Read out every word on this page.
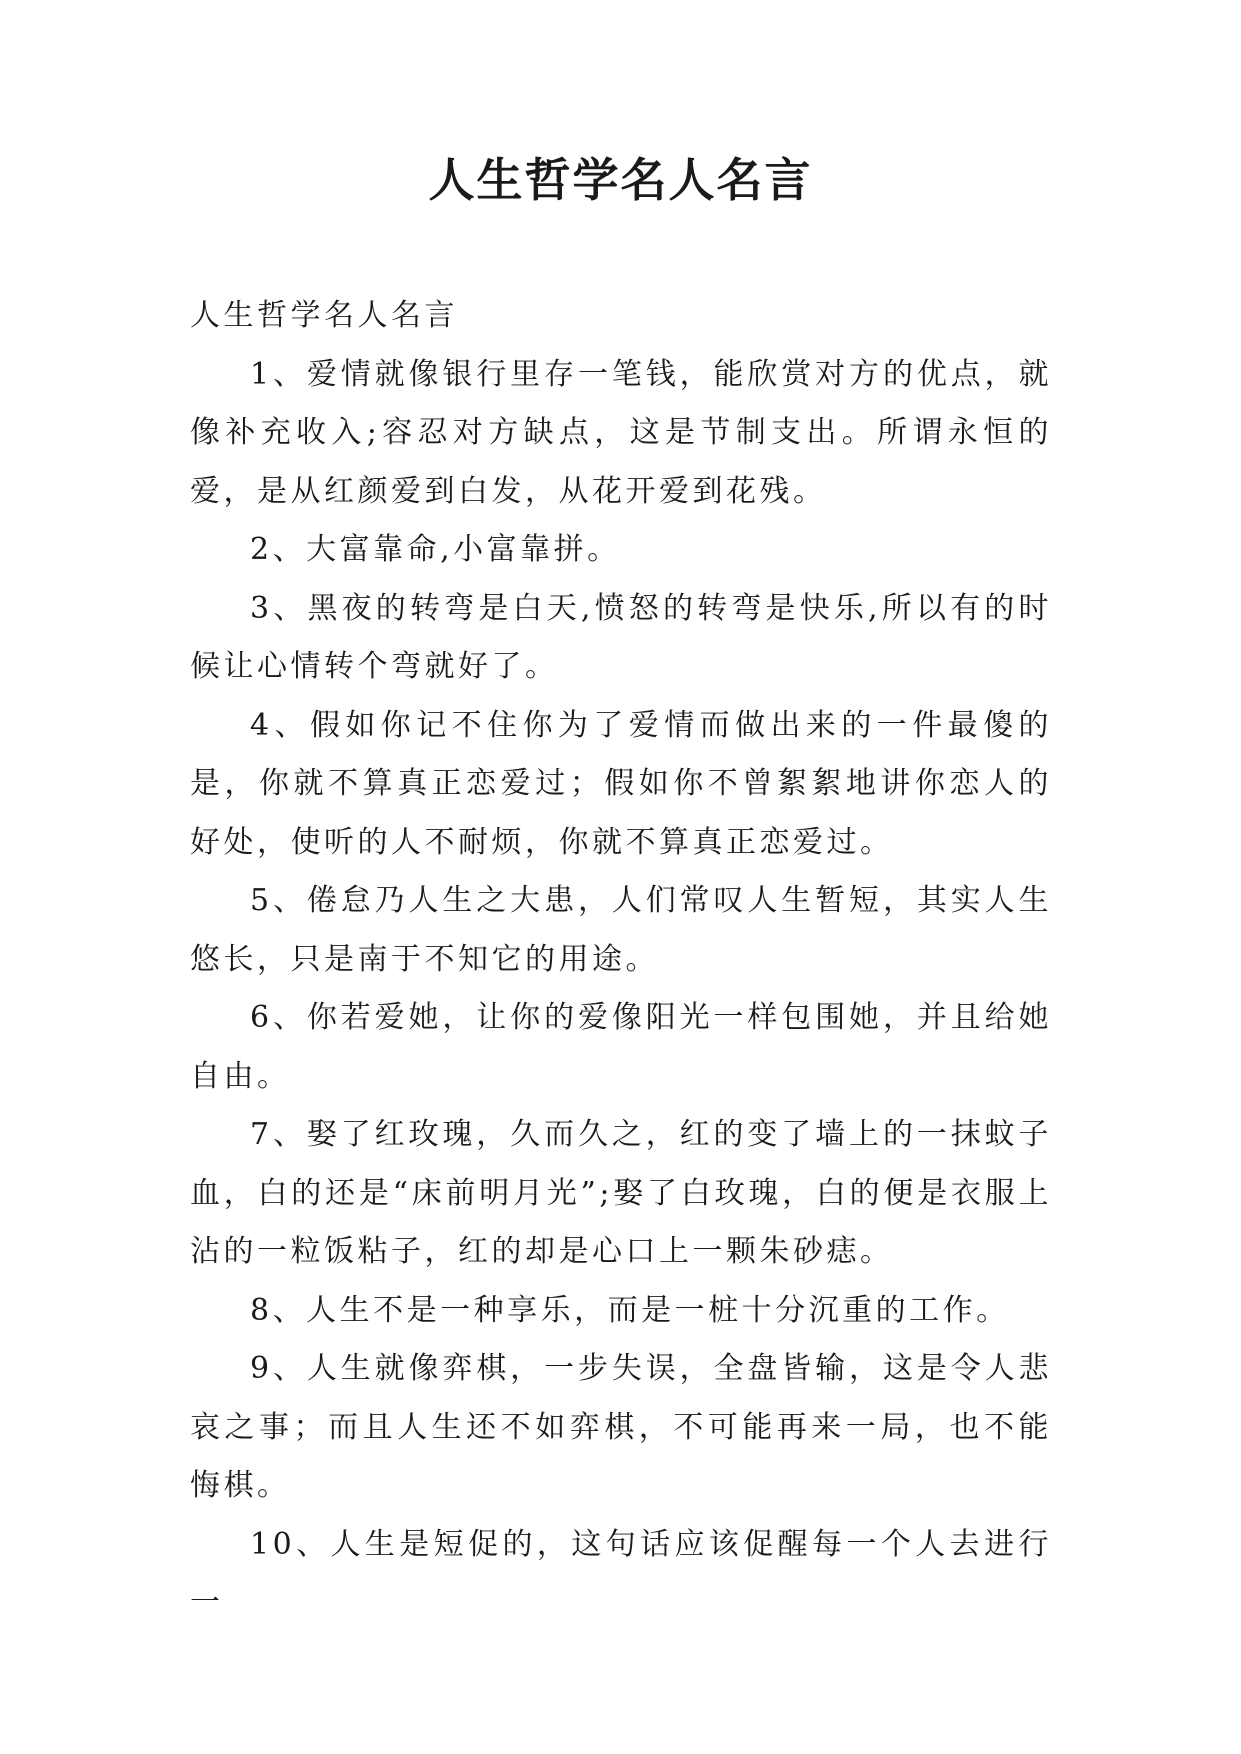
人生哲学名人名言

人生哲学名人名言

1、爱情就像银行里存一笔钱，能欣赏对方的优点，就像补充收入;容忍对方缺点，这是节制支出。所谓永恒的爱，是从红颜爱到白发，从花开爱到花残。

2、大富靠命,小富靠拼。

3、黑夜的转弯是白天,愤怒的转弯是快乐,所以有的时候让心情转个弯就好了。

4、假如你记不住你为了爱情而做出来的一件最傻的是，你就不算真正恋爱过；假如你不曾絮絮地讲你恋人的好处，使听的人不耐烦，你就不算真正恋爱过。

5、倦怠乃人生之大患，人们常叹人生暂短，其实人生悠长，只是南于不知它的用途。

6、你若爱她，让你的爱像阳光一样包围她，并且给她自由。

7、娶了红玫瑰，久而久之，红的变了墙上的一抹蚊子血，白的还是“床前明月光”;娶了白玫瑰，白的便是衣服上沾的一粒饭粘子，红的却是心口上一颗朱砂痣。

8、人生不是一种享乐，而是一桩十分沉重的工作。

9、人生就像弈棋，一步失误，全盘皆输，这是令人悲哀之事；而且人生还不如弈棋，不可能再来一局，也不能悔棋。

10、人生是短促的，这句话应该促醒每一个人去进行一
